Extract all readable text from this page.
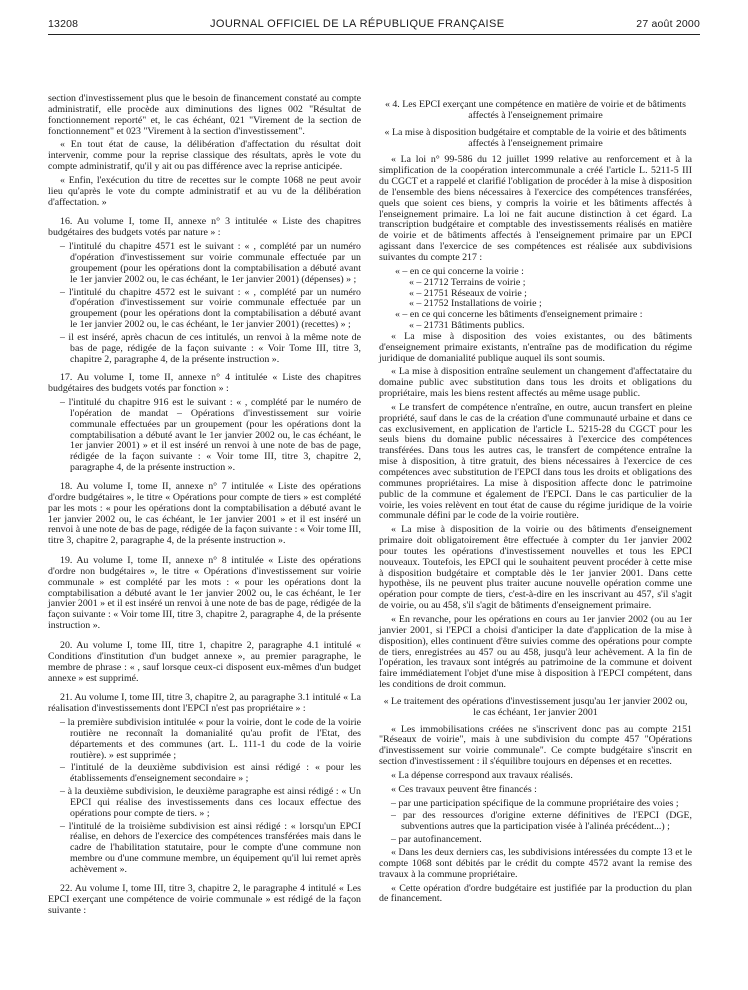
13208	JOURNAL OFFICIEL DE LA RÉPUBLIQUE FRANÇAISE	27 août 2000

section d'investissement plus que le besoin de financement constaté au compte administratif, elle procède aux diminutions des lignes 002 "Résultat de fonctionnement reporté" et, le cas échéant, 021 "Virement de la section de fonctionnement" et 023 "Virement à la section d'investissement".

« En tout état de cause, la délibération d'affectation du résultat doit intervenir, comme pour la reprise classique des résultats, après le vote du compte administratif, qu'il y ait ou pas différence avec la reprise anticipée.

« Enfin, l'exécution du titre de recettes sur le compte 1068 ne peut avoir lieu qu'après le vote du compte administratif et au vu de la délibération d'affectation. »

16. Au volume I, tome II, annexe n° 3 intitulée « Liste des chapitres budgétaires des budgets votés par nature » :

– l'intitulé du chapitre 4571 est le suivant : « , complété par un numéro d'opération d'investissement sur voirie communale effectuée par un groupement (pour les opérations dont la comptabilisation a débuté avant le 1er janvier 2002 ou, le cas échéant, le 1er janvier 2001) (dépenses) » ;
– l'intitulé du chapitre 4572 est le suivant : « , complété par un numéro d'opération d'investissement sur voirie communale effectuée par un groupement (pour les opérations dont la comptabilisation a débuté avant le 1er janvier 2002 ou, le cas échéant, le 1er janvier 2001) (recettes) » ;
– il est inséré, après chacun de ces intitulés, un renvoi à la même note de bas de page, rédigée de la façon suivante : « Voir Tome III, titre 3, chapitre 2, paragraphe 4, de la présente instruction ».

17. Au volume I, tome II, annexe n° 4 intitulée « Liste des chapitres budgétaires des budgets votés par fonction » :

– l'intitulé du chapitre 916 est le suivant : « , complété par le numéro de l'opération de mandat – Opérations d'investissement sur voirie communale effectuées par un groupement (pour les opérations dont la comptabilisation a débuté avant le 1er janvier 2002 ou, le cas échéant, le 1er janvier 2001) » et il est inséré un renvoi à une note de bas de page, rédigée de la façon suivante : « Voir tome III, titre 3, chapitre 2, paragraphe 4, de la présente instruction ».

18. Au volume I, tome II, annexe n° 7 intitulée « Liste des opérations d'ordre budgétaires », le titre « Opérations pour compte de tiers » est complété par les mots : « pour les opérations dont la comptabilisation a débuté avant le 1er janvier 2002 ou, le cas échéant, le 1er janvier 2001 » et il est inséré un renvoi à une note de bas de page, rédigée de la façon suivante : « Voir tome III, titre 3, chapitre 2, paragraphe 4, de la présente instruction ».

19. Au volume I, tome II, annexe n° 8 intitulée « Liste des opérations d'ordre non budgétaires », le titre « Opérations d'investissement sur voirie communale » est complété par les mots : « pour les opérations dont la comptabilisation a débuté avant le 1er janvier 2002 ou, le cas échéant, le 1er janvier 2001 » et il est inséré un renvoi à une note de bas de page, rédigée de la façon suivante : « Voir tome III, titre 3, chapitre 2, paragraphe 4, de la présente instruction ».

20. Au volume I, tome III, titre 1, chapitre 2, paragraphe 4.1 intitulé « Conditions d'institution d'un budget annexe », au premier paragraphe, le membre de phrase : « , sauf lorsque ceux-ci disposent eux-mêmes d'un budget annexe » est supprimé.

21. Au volume I, tome III, titre 3, chapitre 2, au paragraphe 3.1 intitulé « La réalisation d'investissements dont l'EPCI n'est pas propriétaire » :

– la première subdivision intitulée « pour la voirie, dont le code de la voirie routière ne reconnaît la domanialité qu'au profit de l'Etat, des départements et des communes (art. L. 111-1 du code de la voirie routière). » est supprimée ;
– l'intitulé de la deuxième subdivision est ainsi rédigé : « pour les établissements d'enseignement secondaire » ;
– à la deuxième subdivision, le deuxième paragraphe est ainsi rédigé : « Un EPCI qui réalise des investissements dans ces locaux effectue des opérations pour compte de tiers. » ;
– l'intitulé de la troisième subdivision est ainsi rédigé : « lorsqu'un EPCI réalise, en dehors de l'exercice des compétences transférées mais dans le cadre de l'habilitation statutaire, pour le compte d'une commune non membre ou d'une commune membre, un équipement qu'il lui remet après achèvement ».

22. Au volume I, tome III, titre 3, chapitre 2, le paragraphe 4 intitulé « Les EPCI exerçant une compétence de voirie communale » est rédigé de la façon suivante :

« 4. Les EPCI exerçant une compétence en matière de voirie et de bâtiments affectés à l'enseignement primaire

« La mise à disposition budgétaire et comptable de la voirie et des bâtiments affectés à l'enseignement primaire

« La loi n° 99-586 du 12 juillet 1999 relative au renforcement et à la simplification de la coopération intercommunale a créé l'article L. 5211-5 III du CGCT et a rappelé et clarifié l'obligation de procéder à la mise à disposition de l'ensemble des biens nécessaires à l'exercice des compétences transférées, quels que soient ces biens, y compris la voirie et les bâtiments affectés à l'enseignement primaire. La loi ne fait aucune distinction à cet égard. La transcription budgétaire et comptable des investissements réalisés en matière de voirie et de bâtiments affectés à l'enseignement primaire par un EPCI agissant dans l'exercice de ses compétences est réalisée aux subdivisions suivantes du compte 217 :

« – en ce qui concerne la voirie :
« – 21712 Terrains de voirie ;
« – 21751 Réseaux de voirie ;
« – 21752 Installations de voirie ;
« – en ce qui concerne les bâtiments d'enseignement primaire :
« – 21731 Bâtiments publics.

« La mise à disposition des voies existantes, ou des bâtiments d'enseignement primaire existants, n'entraîne pas de modification du régime juridique de domanialité publique auquel ils sont soumis.

« La mise à disposition entraîne seulement un changement d'affectataire du domaine public avec substitution dans tous les droits et obligations du propriétaire, mais les biens restent affectés au même usage public.

« Le transfert de compétence n'entraîne, en outre, aucun transfert en pleine propriété, sauf dans le cas de la création d'une communauté urbaine et dans ce cas exclusivement, en application de l'article L. 5215-28 du CGCT pour les seuls biens du domaine public nécessaires à l'exercice des compétences transférées. Dans tous les autres cas, le transfert de compétence entraîne la mise à disposition, à titre gratuit, des biens nécessaires à l'exercice de ces compétences avec substitution de l'EPCI dans tous les droits et obligations des communes propriétaires. La mise à disposition affecte donc le patrimoine public de la commune et également de l'EPCI. Dans le cas particulier de la voirie, les voies relèvent en tout état de cause du régime juridique de la voirie communale défini par le code de la voirie routière.

« La mise à disposition de la voirie ou des bâtiments d'enseignement primaire doit obligatoirement être effectuée à compter du 1er janvier 2002 pour toutes les opérations d'investissement nouvelles et tous les EPCI nouveaux. Toutefois, les EPCI qui le souhaitent peuvent procéder à cette mise à disposition budgétaire et comptable dès le 1er janvier 2001. Dans cette hypothèse, ils ne peuvent plus traiter aucune nouvelle opération comme une opération pour compte de tiers, c'est-à-dire en les inscrivant au 457, s'il s'agit de voirie, ou au 458, s'il s'agit de bâtiments d'enseignement primaire.

« En revanche, pour les opérations en cours au 1er janvier 2002 (ou au 1er janvier 2001, si l'EPCI a choisi d'anticiper la date d'application de la mise à disposition), elles continuent d'être suivies comme des opérations pour compte de tiers, enregistrées au 457 ou au 458, jusqu'à leur achèvement. A la fin de l'opération, les travaux sont intégrés au patrimoine de la commune et doivent faire immédiatement l'objet d'une mise à disposition à l'EPCI compétent, dans les conditions de droit commun.

« Le traitement des opérations d'investissement jusqu'au 1er janvier 2002 ou, le cas échéant, 1er janvier 2001

« Les immobilisations créées ne s'inscrivent donc pas au compte 2151 "Réseaux de voirie", mais à une subdivision du compte 457 "Opérations d'investissement sur voirie communale". Ce compte budgétaire s'inscrit en section d'investissement : il s'équilibre toujours en dépenses et en recettes.

« La dépense correspond aux travaux réalisés.

« Ces travaux peuvent être financés :

– par une participation spécifique de la commune propriétaire des voies ;
– par des ressources d'origine externe définitives de l'EPCI (DGE, subventions autres que la participation visée à l'alinéa précédent...) ;
– par autofinancement.

« Dans les deux derniers cas, les subdivisions intéressées du compte 13 et le compte 1068 sont débités par le crédit du compte 4572 avant la remise des travaux à la commune propriétaire.

« Cette opération d'ordre budgétaire est justifiée par la production du plan de financement.
